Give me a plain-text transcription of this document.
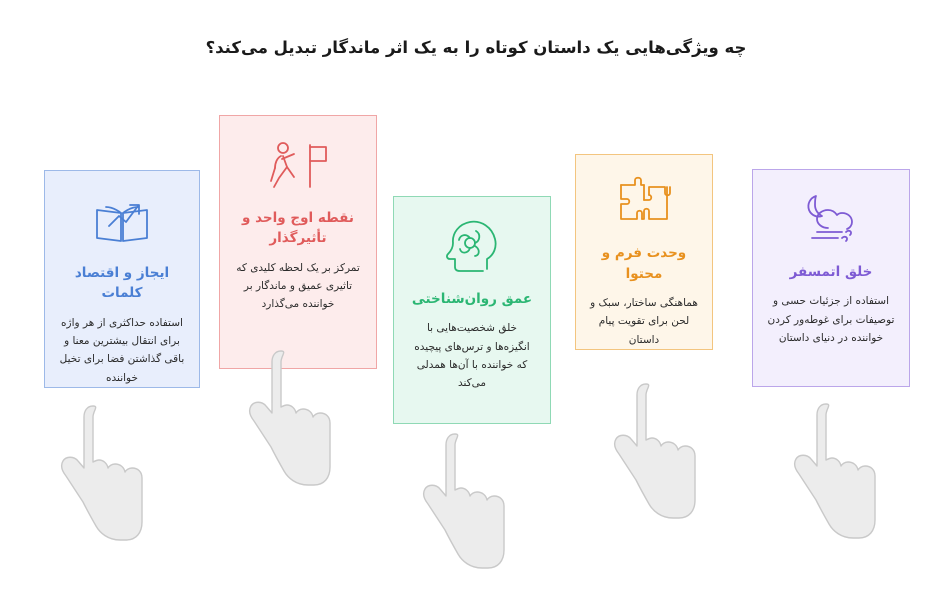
چه ویژگی‌هایی یک داستان کوتاه را به یک اثر ماندگار تبدیل می‌کند؟
ایجاز و اقتصاد کلمات
استفاده حداکثری از هر واژه برای انتقال بیشترین معنا و باقی گذاشتن فضا برای تخیل خواننده
نقطه اوج واحد و تأثیرگذار
تمرکز بر یک لحظه کلیدی که تاثیری عمیق و ماندگار بر خواننده می‌گذارد	عمق روان‌شناختی
خلق شخصیت‌هایی با انگیزه‌ها و ترس‌های پیچیده که خواننده با آن‌ها همدلی می‌کند
وحدت فرم و محتوا
هماهنگی ساختار، سبک و لحن برای تقویت پیام داستان
خلق اتمسفر
استفاده از جزئیات حسی و توصیفات برای غوطه‌ور کردن خواننده در دنیای داستان
